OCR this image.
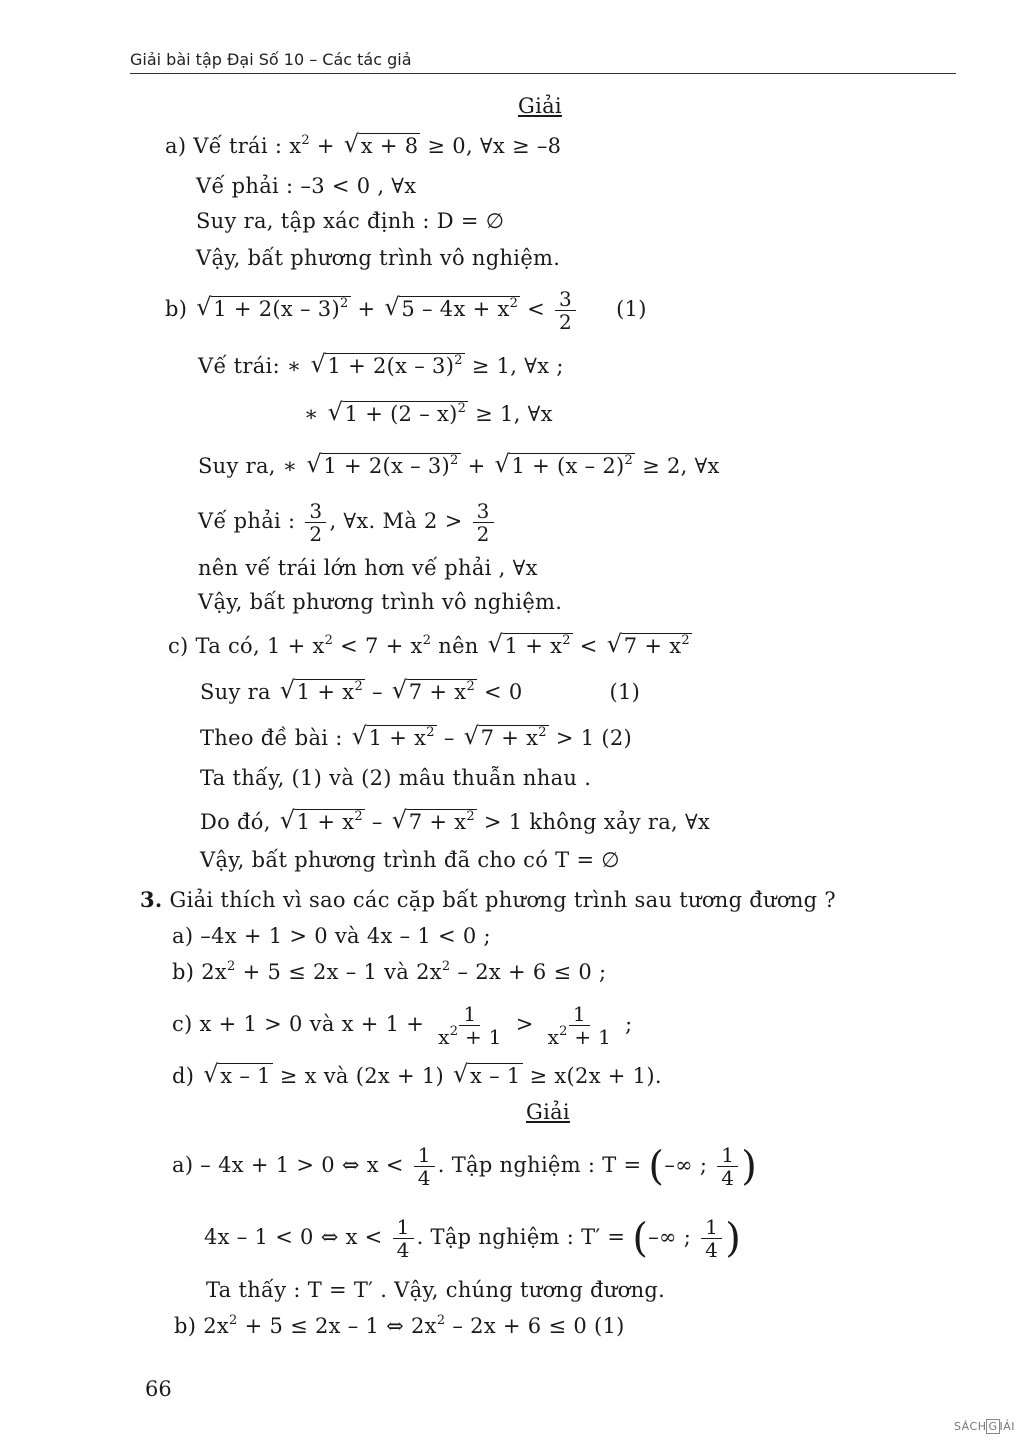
Giải bài tập Đại Số 10 – Các tác giả
Giải
a) Vế trái : $x^2$ + √ x + 8 ≥ 0, ∀x ≥ –8
Vế phải : –3 < 0 , ∀x
Suy ra, tập xác định : D = ∅
Vậy, bất phương trình vô nghiệm.
b) √ 1 + 2(x – 3)$^2$ + √ $5 - 4x + x^2 < \frac{3}{2} (1)$
Vế trái: ∗ √ 1 + 2(x – 3)$^2$ ≥ 1, ∀x ;
∗ √ 1 + (2 – x)$^2$ ≥ 1, ∀x
Suy ra, ∗ √ 1 + 2(x – 3)$^2$ + √ 1 + (x – 2)$^2$ ≥ 2, ∀x
Vế phải : $\frac{3}{2}$ , ∀x. Mà $2 > \frac{3}{2}$
nên vế trái lớn hơn vế phải , ∀x
Vậy, bất phương trình vô nghiệm.
c) Ta có, $1 + x^2 < 7 + x^2$ nên √ $1 + x^2$ < √ $7 + x^2$
Suy ra √ $1 + x^2$ – √ $7 + x^2 < 0$	(1)
Theo đề bài : √ $1 + x^2$ – √ $7 + x^2 > 1$ (2)
Ta thấy, (1) và (2) mâu thuẫn nhau .
Do đó, √ $1 + x^2$ – √ $7 + x^2 > 1$ không xảy ra, ∀x
Vậy, bất phương trình đã cho có T = ∅
3. Giải thích vì sao các cặp bất phương trình sau tương đương ?
a) –4x + 1 > 0 và 4x – 1 < 0 ;
b) $2x^2 + 5 \le 2x - 1$ và $2x^2 - 2x + 6 \le 0$ ;
c) x + 1 > 0 và $x + 1 + \frac{1}{x^2 + 1} > \frac{1}{x^2 + 1}$ ;
d) √ x – 1 ≥ x và (2x + 1) √ x – 1 ≥ x(2x + 1).
Giải
a) – 4x + 1 > 0 ⇔ $x < \frac{1}{4}$ . Tập nghiệm : T = (–∞ ; $\frac{1}{4}$ )
4x – 1 < 0 ⇔ $x < \frac{1}{4}$ . Tập nghiệm : T′ = (–∞ ; $\frac{1}{4}$ )
Ta thấy : T = T′ . Vậy, chúng tương đương.
b) $2x^2 + 5 \le 2x - 1$ ⇔ $2x^2 - 2x + 6 \le 0$ (1)
66
SÁCH G IẢI
